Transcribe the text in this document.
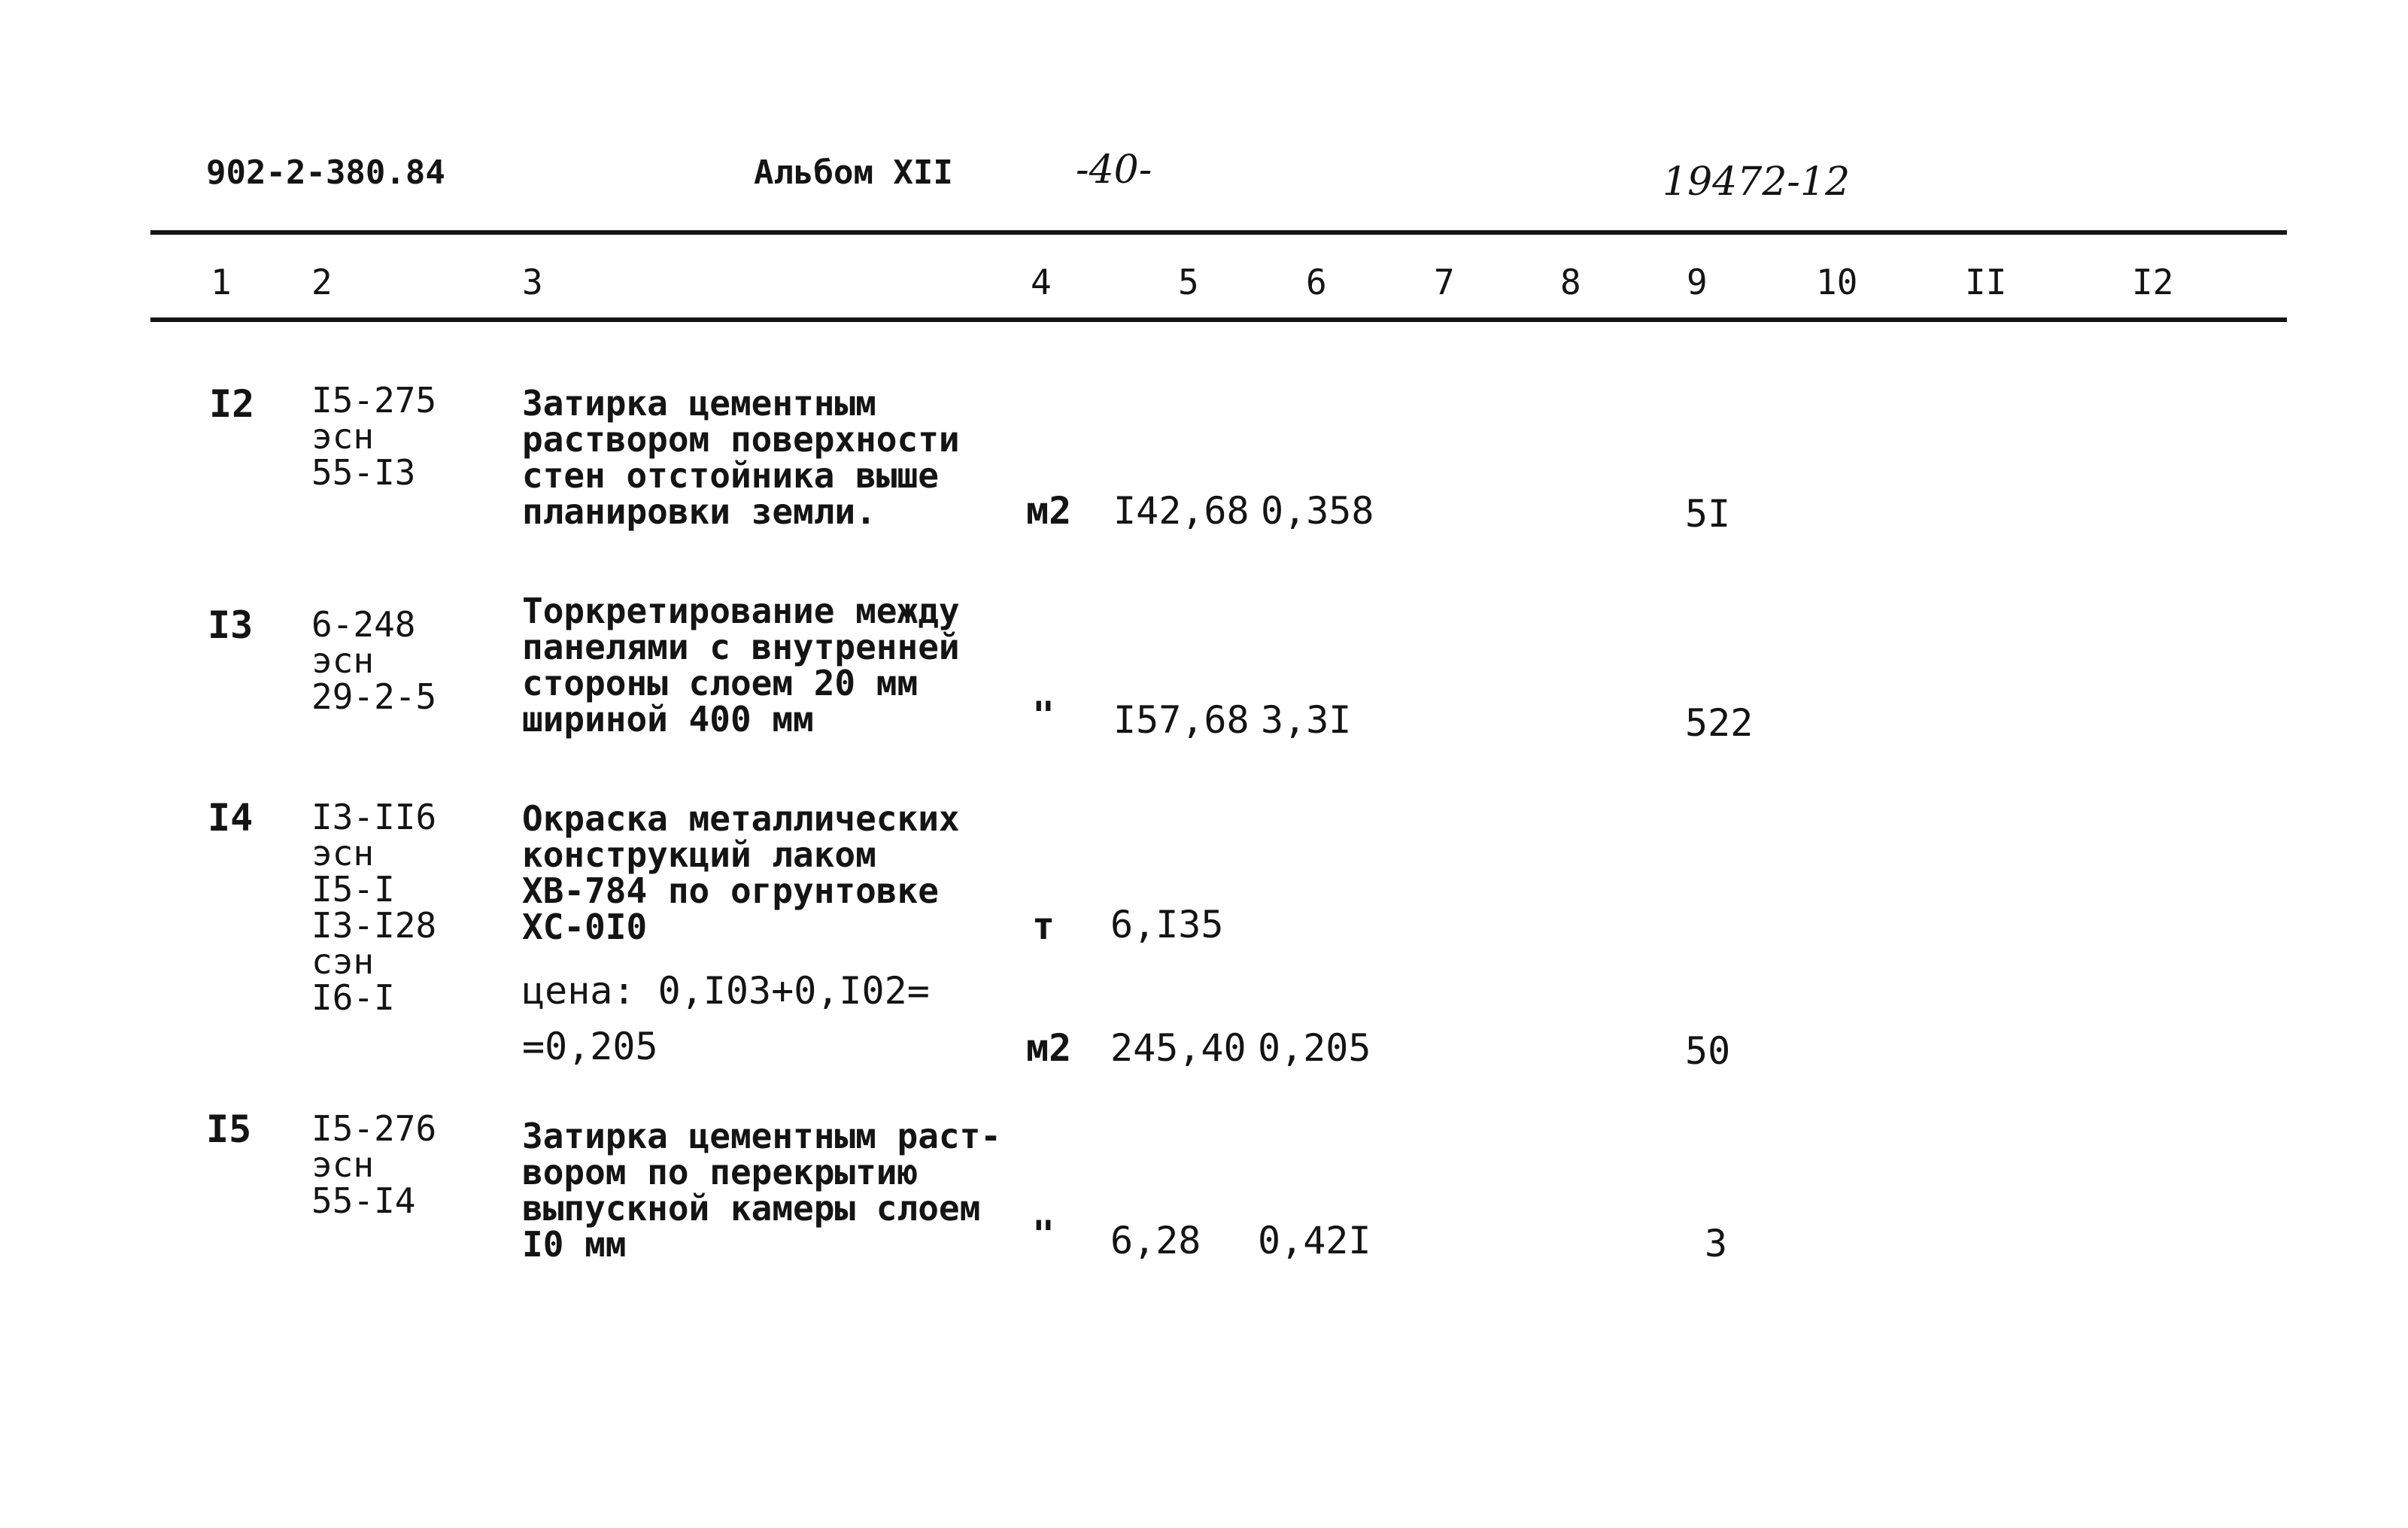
902-2-380.84	Альбом XII	-40-	19472-12
1 2	3	4	5	6	7	8	9	10	II	I2
I2 I5-275
эсн
55-I3
Затирка цементным
раствором поверхности
стен отстойника выше
планировки земли.	м2 I42,68 0,358	5I
I3 6-248
эсн
29-2-5
Торкретирование между
панелями с внутренней
стороны слоем 20 мм
шириной 400 мм	" I57,68 3,3I	522
I4 I3-II6
эсн
I5-I
I3-I28
сэн
I6-I
Окраска металлических
конструкций лаком
ХВ-784 по огрунтовке
ХС-0I0	т 6,I35
цена: 0,I03+0,I02=
=0,205	м2 245,40 0,205	50
I5 I5-276
эсн
55-I4
Затирка цементным раст-
вором по перекрытию
выпускной камеры слоем
I0 мм	" 6,28 0,42I	3
